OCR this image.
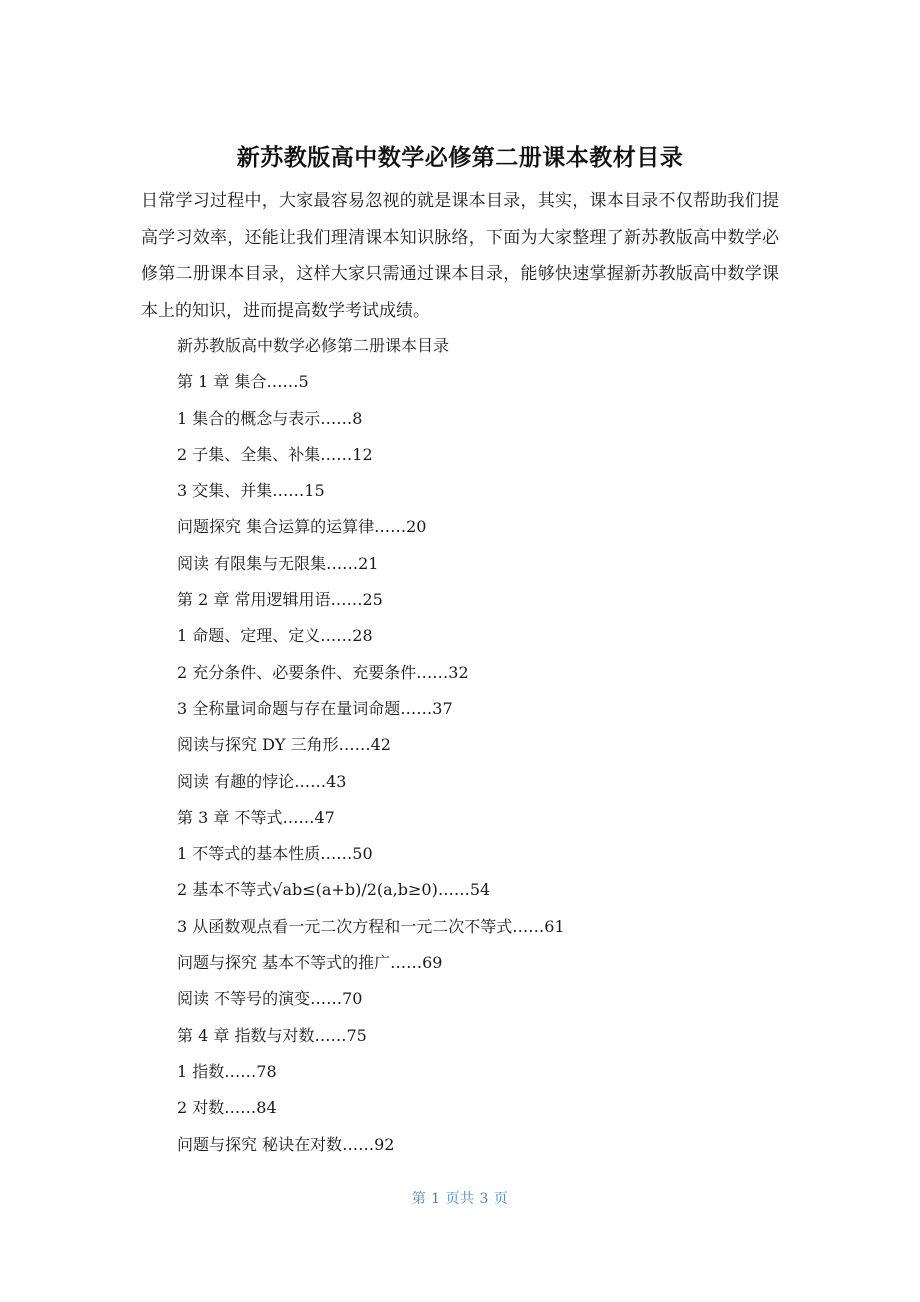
新苏教版高中数学必修第二册课本教材目录

日常学习过程中，大家最容易忽视的就是课本目录，其实，课本目录不仅帮助我们提高学习效率，还能让我们理清课本知识脉络，下面为大家整理了新苏教版高中数学必修第二册课本目录，这样大家只需通过课本目录，能够快速掌握新苏教版高中数学课本上的知识，进而提高数学考试成绩。

新苏教版高中数学必修第二册课本目录
第 1 章 集合……5
1 集合的概念与表示……8
2 子集、全集、补集……12
3 交集、并集……15
问题探究 集合运算的运算律……20
阅读 有限集与无限集……21
第 2 章 常用逻辑用语……25
1 命题、定理、定义……28
2 充分条件、必要条件、充要条件……32
3 全称量词命题与存在量词命题……37
阅读与探究 DY 三角形……42
阅读 有趣的悖论……43
第 3 章 不等式……47
1 不等式的基本性质……50
2 基本不等式√ab≤(a+b)/2(a,b≥0)……54
3 从函数观点看一元二次方程和一元二次不等式……61
问题与探究 基本不等式的推广……69
阅读 不等号的演变……70
第 4 章 指数与对数……75
1 指数……78
2 对数……84
问题与探究 秘诀在对数……92
第 1 页共 3 页
